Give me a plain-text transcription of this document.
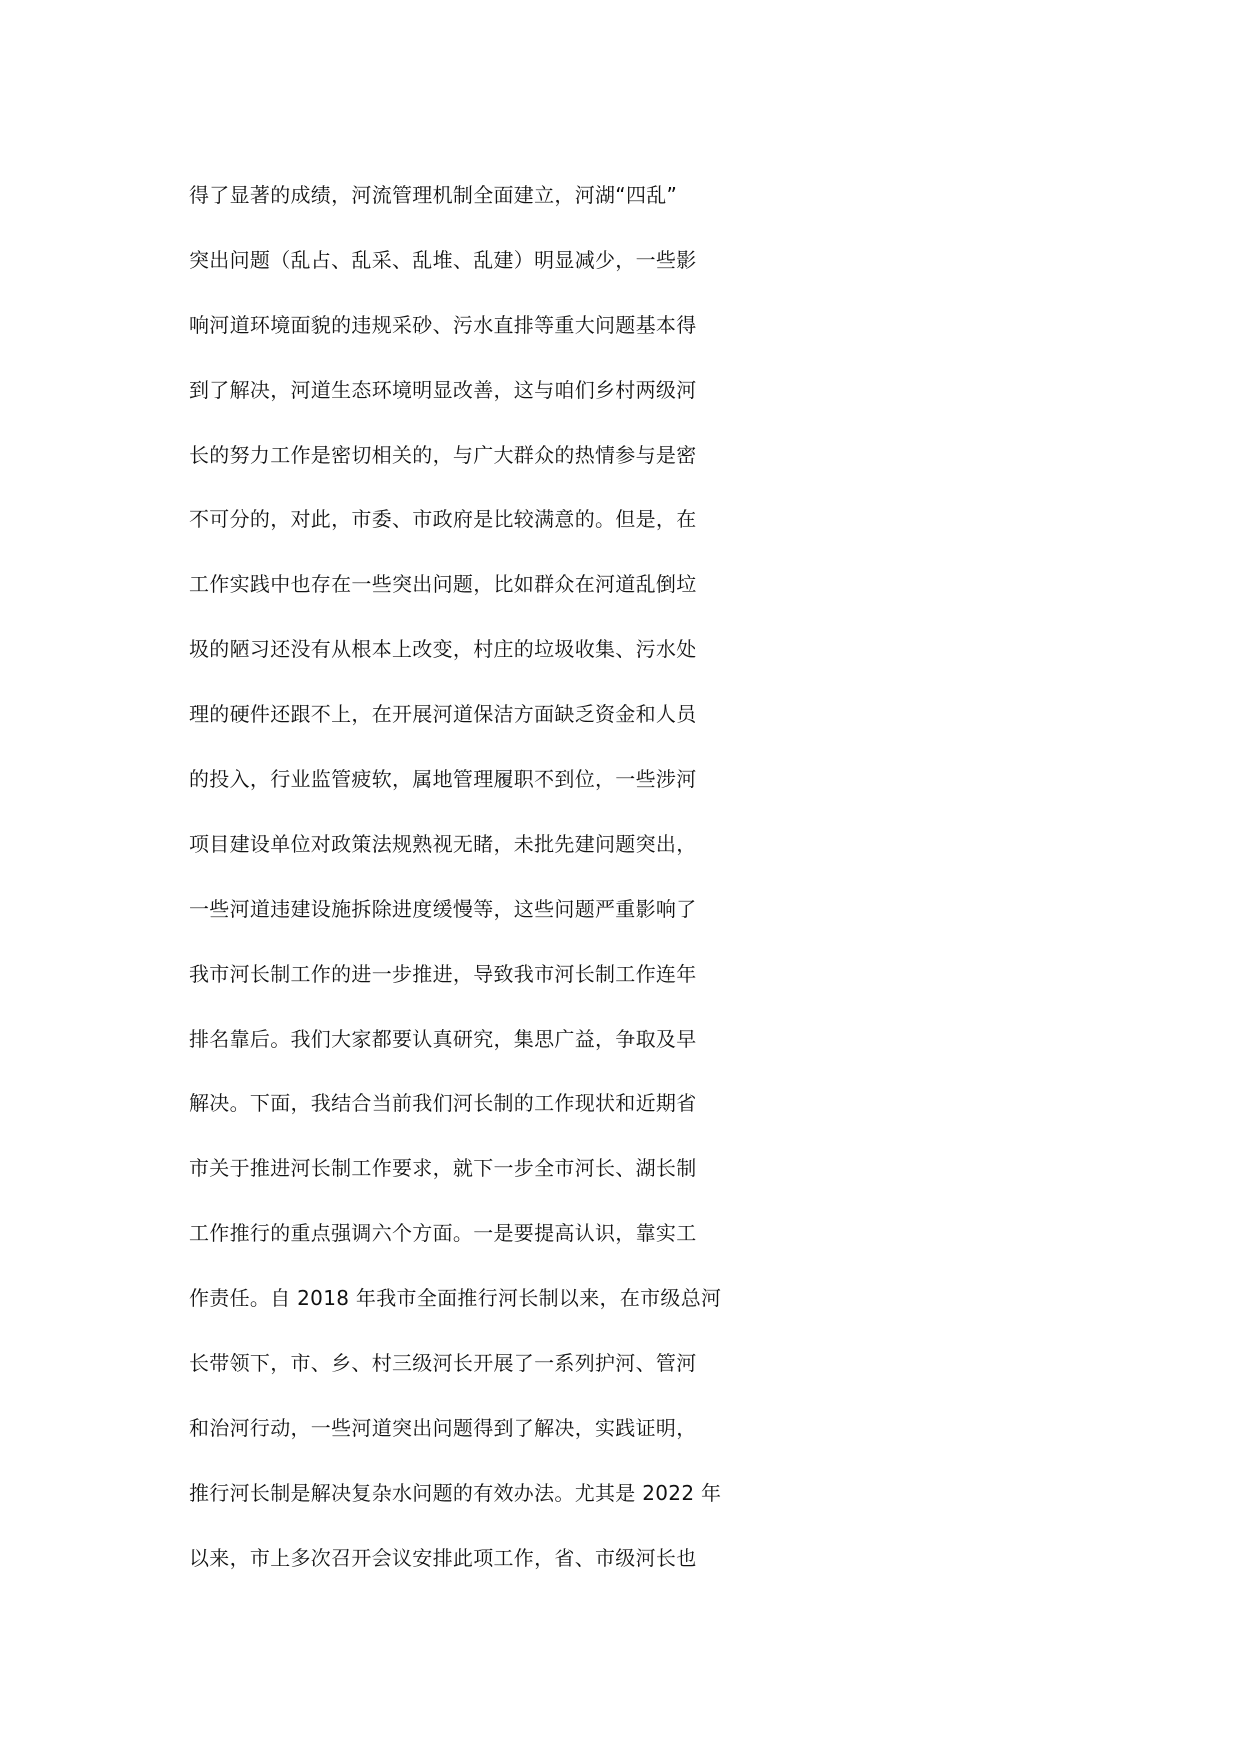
得了显著的成绩，河流管理机制全面建立，河湖“四乱”
突出问题（乱占、乱采、乱堆、乱建）明显减少，一些影
响河道环境面貌的违规采砂、污水直排等重大问题基本得
到了解决，河道生态环境明显改善，这与咱们乡村两级河
长的努力工作是密切相关的，与广大群众的热情参与是密
不可分的，对此，市委、市政府是比较满意的。但是，在
工作实践中也存在一些突出问题，比如群众在河道乱倒垃
圾的陋习还没有从根本上改变，村庄的垃圾收集、污水处
理的硬件还跟不上，在开展河道保洁方面缺乏资金和人员
的投入，行业监管疲软，属地管理履职不到位，一些涉河
项目建设单位对政策法规熟视无睹，未批先建问题突出，
一些河道违建设施拆除进度缓慢等，这些问题严重影响了
我市河长制工作的进一步推进，导致我市河长制工作连年
排名靠后。我们大家都要认真研究，集思广益，争取及早
解决。下面，我结合当前我们河长制的工作现状和近期省
市关于推进河长制工作要求，就下一步全市河长、湖长制
工作推行的重点强调六个方面。一是要提高认识，靠实工
作责任。自 2018 年我市全面推行河长制以来，在市级总河
长带领下，市、乡、村三级河长开展了一系列护河、管河
和治河行动，一些河道突出问题得到了解决，实践证明，
推行河长制是解决复杂水问题的有效办法。尤其是 2022 年
以来，市上多次召开会议安排此项工作，省、市级河长也
